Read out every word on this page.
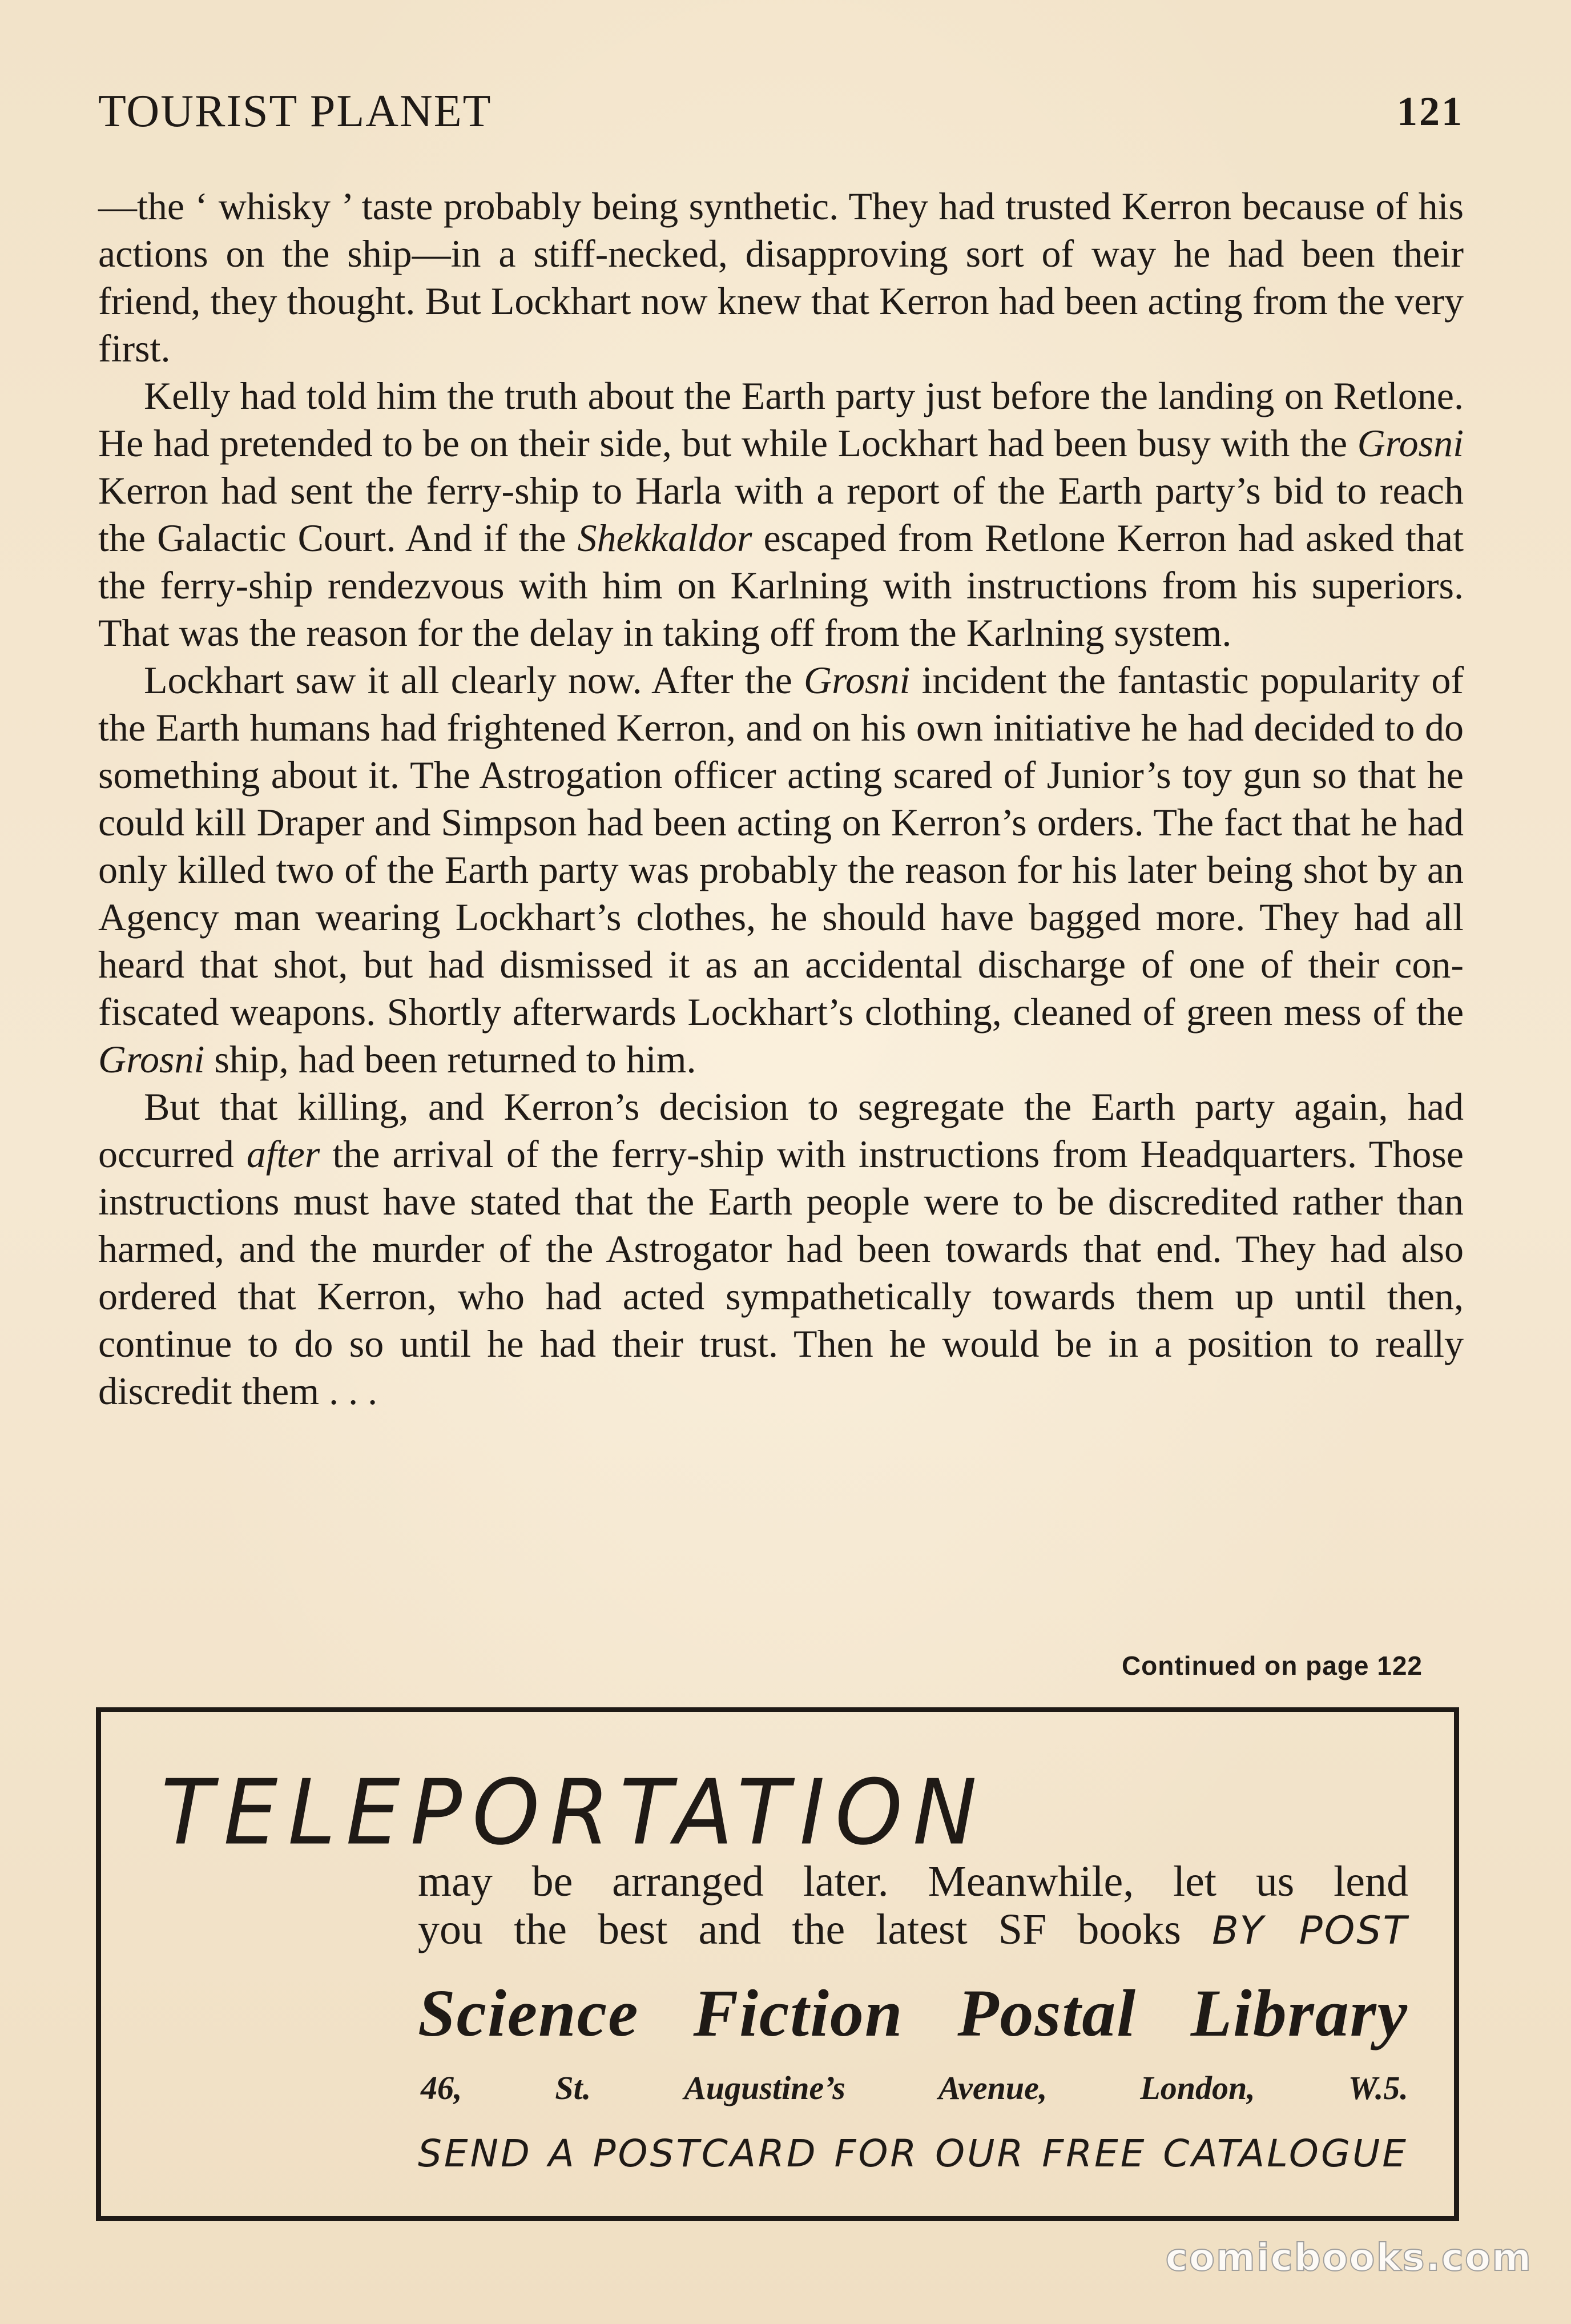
TOURIST PLANET	121

—the ‘ whisky ’ taste probably being synthetic. They had trusted Kerron because of his actions on the ship—in a stiff-necked, disapproving sort of way he had been their friend, they thought. But Lockhart now knew that Kerron had been acting from the very first.

Kelly had told him the truth about the Earth party just before the landing on Retlone. He had pretended to be on their side, but while Lockhart had been busy with the Grosni Kerron had sent the ferry-ship to Harla with a report of the Earth party’s bid to reach the Galactic Court. And if the Shekkaldor escaped from Retlone Kerron had asked that the ferry-ship rendezvous with him on Karlning with instructions from his superiors. That was the reason for the delay in taking off from the Karlning system.

Lockhart saw it all clearly now. After the Grosni incident the fantastic popularity of the Earth humans had frightened Kerron, and on his own initiative he had decided to do something about it. The Astrogation officer acting scared of Junior’s toy gun so that he could kill Draper and Simpson had been acting on Kerron’s orders. The fact that he had only killed two of the Earth party was probably the reason for his later being shot by an Agency man wearing Lockhart’s clothes, he should have bagged more. They had all heard that shot, but had dismissed it as an accidental discharge of one of their confiscated weapons. Shortly afterwards Lockhart’s clothing, cleaned of green mess of the Grosni ship, had been returned to him.

But that killing, and Kerron’s decision to segregate the Earth party again, had occurred after the arrival of the ferry-ship with instructions from Headquarters. Those instructions must have stated that the Earth people were to be discredited rather than harmed, and the murder of the Astrogator had been towards that end. They had also ordered that Kerron, who had acted sympathetically towards them up until then, continue to do so until he had their trust. Then he would be in a position to really discredit them . . .

Continued on page 122
TELEPORTATION
may be arranged later. Meanwhile, let us lend
you the best and the latest SF books BY POST
Science Fiction Postal Library
46,	St.	Augustine’s	Avenue,	London,	W.5.
SEND A POSTCARD FOR OUR FREE CATALOGUE
comicbooks.com
